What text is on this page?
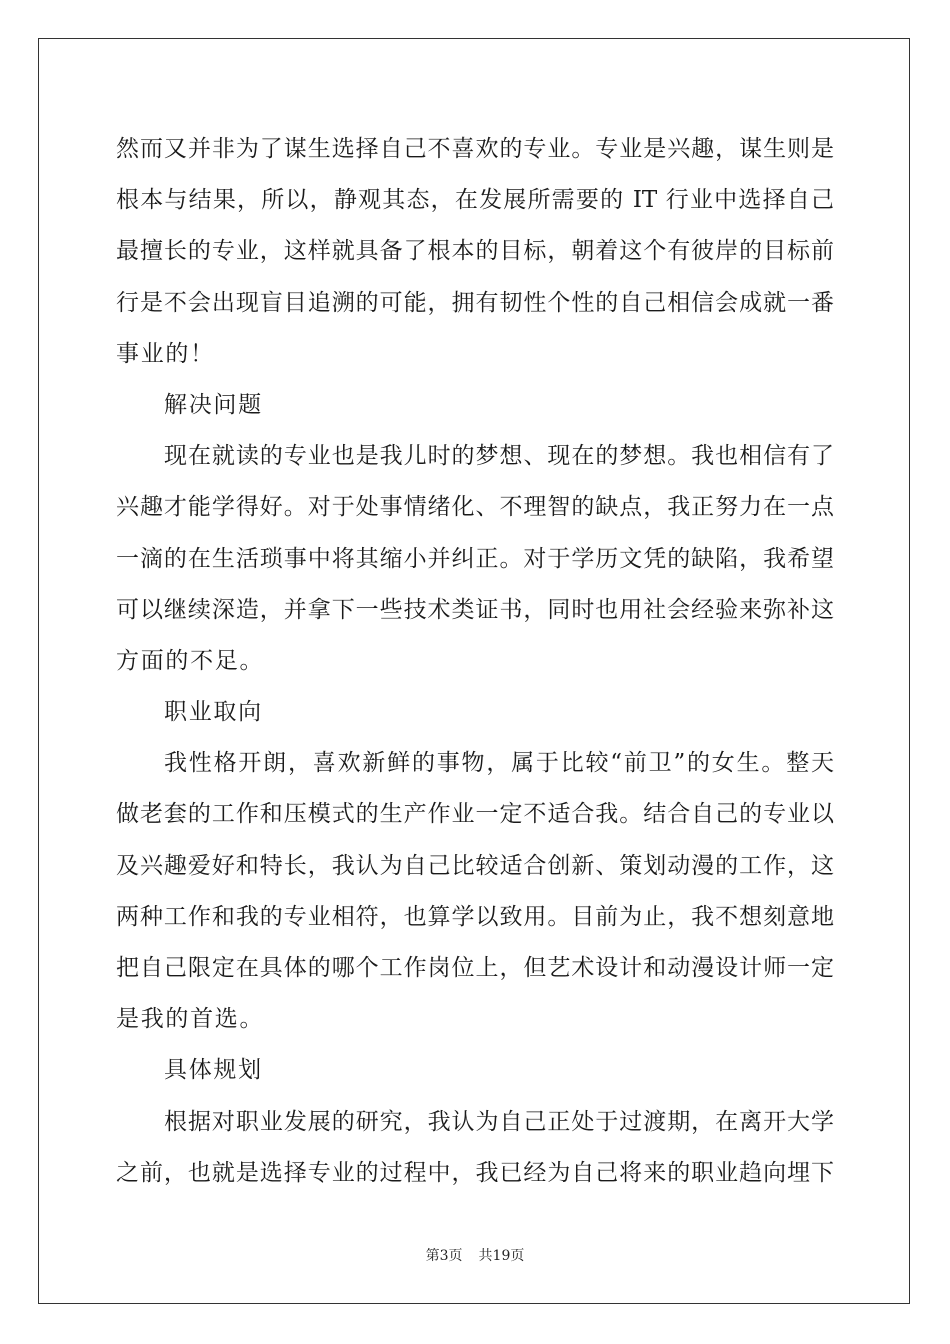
然而又并非为了谋生选择自己不喜欢的专业。专业是兴趣，谋生则是
根本与结果，所以，静观其态，在发展所需要的 IT 行业中选择自己
最擅长的专业，这样就具备了根本的目标，朝着这个有彼岸的目标前
行是不会出现盲目追溯的可能，拥有韧性个性的自己相信会成就一番
事业的！
解决问题
现在就读的专业也是我儿时的梦想、现在的梦想。我也相信有了
兴趣才能学得好。对于处事情绪化、不理智的缺点，我正努力在一点
一滴的在生活琐事中将其缩小并纠正。对于学历文凭的缺陷，我希望
可以继续深造，并拿下一些技术类证书，同时也用社会经验来弥补这
方面的不足。
职业取向
我性格开朗，喜欢新鲜的事物，属于比较“前卫”的女生。整天
做老套的工作和压模式的生产作业一定不适合我。结合自己的专业以
及兴趣爱好和特长，我认为自己比较适合创新、策划动漫的工作，这
两种工作和我的专业相符，也算学以致用。目前为止，我不想刻意地
把自己限定在具体的哪个工作岗位上，但艺术设计和动漫设计师一定
是我的首选。
具体规划
根据对职业发展的研究，我认为自己正处于过渡期，在离开大学
之前，也就是选择专业的过程中，我已经为自己将来的职业趋向埋下
第3页 共19页
